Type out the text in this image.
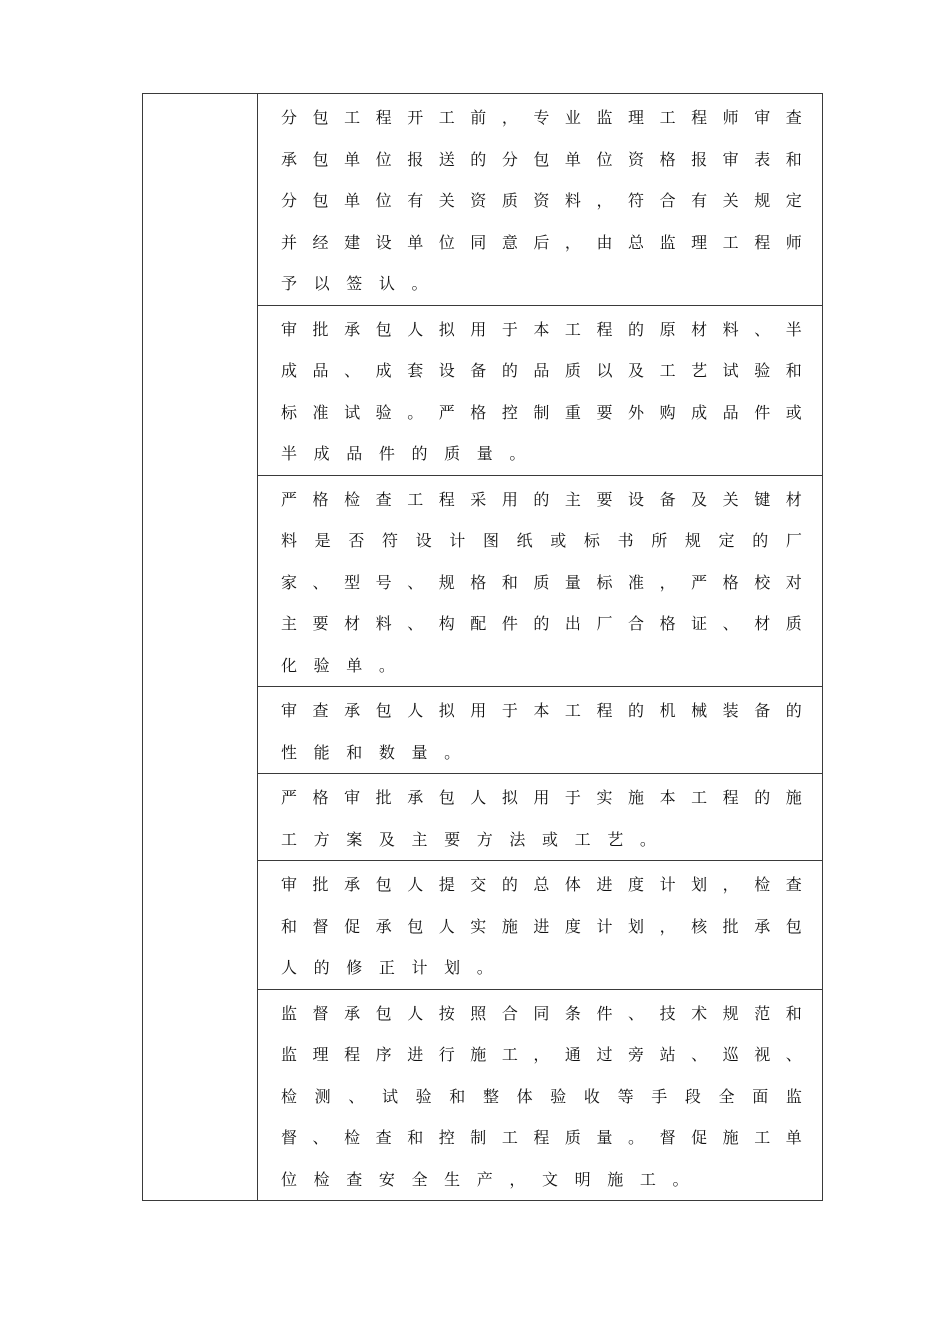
分 包 工 程 开 工 前 ， 专 业 监 理 工 程 师 审 查
承 包 单 位 报 送 的 分 包 单 位 资 格 报 审 表 和
分 包 单 位 有 关 资 质 资 料 ， 符 合 有 关 规 定
并 经 建 设 单 位 同 意 后 ， 由 总 监 理 工 程 师
予	以	签	认	。

审 批 承 包 人 拟 用 于 本 工 程 的 原 材 料 、 半
成 品 、 成 套 设 备 的 品 质 以 及 工 艺 试 验 和
标 准 试 验 。 严 格 控 制 重 要 外 购 成 品 件 或
半	成	品	件	的	质	量	。

严 格 检 查 工 程 采 用 的 主 要 设 备 及 关 键 材
料 是 否 符 设 计 图 纸 或 标 书 所 规 定 的 厂
家 、 型 号 、 规 格 和 质 量 标 准 ， 严 格 校 对
主 要 材 料 、 构 配 件 的 出 厂 合 格 证 、 材 质
化	验	单	。

审 查 承 包 人 拟 用 于 本 工 程 的 机 械 装 备 的
性	能	和	数	量	。

严 格 审 批 承 包 人 拟 用 于 实 施 本 工 程 的 施
工	方	案	及	主	要	方	法	或	工	艺	。

审 批 承 包 人 提 交 的 总 体 进 度 计 划 ， 检 查
和 督 促 承 包 人 实 施 进 度 计 划 ， 核 批 承 包
人	的	修	正	计	划	。

监 督 承 包 人 按 照 合 同 条 件 、 技 术 规 范 和
监 理 程 序 进 行 施 工 ， 通 过 旁 站 、 巡 视 、
检 测 、 试 验 和 整 体 验 收 等 手 段 全 面 监
督 、 检 查 和 控 制 工 程 质 量 。 督 促 施 工 单
位	检	查	安	全	生	产	，	文	明	施	工	。
